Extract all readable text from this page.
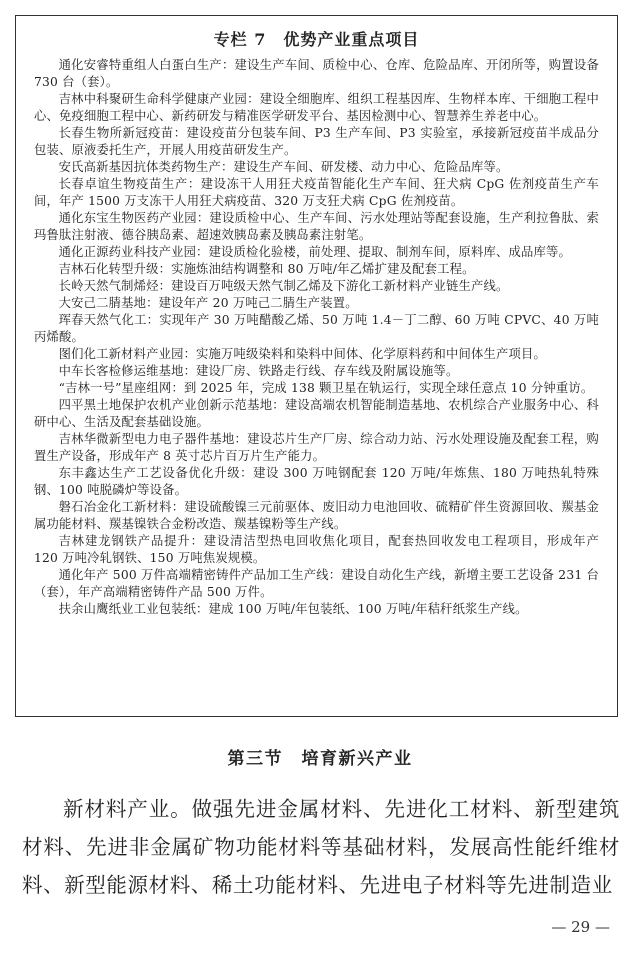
专栏 7　优势产业重点项目

通化安睿特重组人白蛋白生产：建设生产车间、质检中心、仓库、危险品库、开闭所等，购置设备 730 台（套）。

吉林中科聚研生命科学健康产业园：建设全细胞库、组织工程基因库、生物样本库、干细胞工程中心、免疫细胞工程中心、新药研发与精准医学研发平台、基因检测中心、智慧养生养老中心。

长春生物所新冠疫苗：建设疫苗分包装车间、P3 生产车间、P3 实验室，承接新冠疫苗半成品分包装、原液委托生产，开展人用疫苗研发生产。

安氏高新基因抗体类药物生产：建设生产车间、研发楼、动力中心、危险品库等。

长春卓谊生物疫苗生产：建设冻干人用狂犬疫苗智能化生产车间、狂犬病 CpG 佐剂疫苗生产车间，年产 1500 万支冻干人用狂犬病疫苗、320 万支狂犬病 CpG 佐剂疫苗。

通化东宝生物医药产业园：建设质检中心、生产车间、污水处理站等配套设施，生产利拉鲁肽、索玛鲁肽注射液、德谷胰岛素、超速效胰岛素及胰岛素注射笔。

通化正源药业科技产业园：建设质检化验楼，前处理、提取、制剂车间，原料库、成品库等。

吉林石化转型升级：实施炼油结构调整和 80 万吨/年乙烯扩建及配套工程。

长岭天然气制烯烃：建设百万吨级天然气制乙烯及下游化工新材料产业链生产线。

大安己二腈基地：建设年产 20 万吨己二腈生产装置。

珲春天然气化工：实现年产 30 万吨醋酸乙烯、50 万吨 1.4－丁二醇、60 万吨 CPVC、40 万吨丙烯酸。

图们化工新材料产业园：实施万吨级染料和染料中间体、化学原料药和中间体生产项目。

中车长客检修运维基地：建设厂房、铁路走行线、存车线及附属设施等。

“吉林一号”星座组网：到 2025 年，完成 138 颗卫星在轨运行，实现全球任意点 10 分钟重访。

四平黑土地保护农机产业创新示范基地：建设高端农机智能制造基地、农机综合产业服务中心、科研中心、生活及配套基础设施。

吉林华微新型电力电子器件基地：建设芯片生产厂房、综合动力站、污水处理设施及配套工程，购置生产设备，形成年产 8 英寸芯片百万片生产能力。

东丰鑫达生产工艺设备优化升级：建设 300 万吨钢配套 120 万吨/年炼焦、180 万吨热轧特殊钢、100 吨脱磷炉等设备。

磐石冶金化工新材料：建设硫酸镍三元前驱体、废旧动力电池回收、硫精矿伴生资源回收、羰基金属功能材料、羰基镍铁合金粉改造、羰基镍粉等生产线。

吉林建龙钢铁产品提升：建设清洁型热电回收焦化项目，配套热回收发电工程项目，形成年产 120 万吨冷轧钢铁、150 万吨焦炭规模。

通化年产 500 万件高端精密铸件产品加工生产线：建设自动化生产线，新增主要工艺设备 231 台（套），年产高端精密铸件产品 500 万件。

扶余山鹰纸业工业包装纸：建成 100 万吨/年包装纸、100 万吨/年秸秆纸浆生产线。

第三节　培育新兴产业

新材料产业。做强先进金属材料、先进化工材料、新型建筑材料、先进非金属矿物功能材料等基础材料，发展高性能纤维材料、新型能源材料、稀土功能材料、先进电子材料等先进制造业

— 29 —
